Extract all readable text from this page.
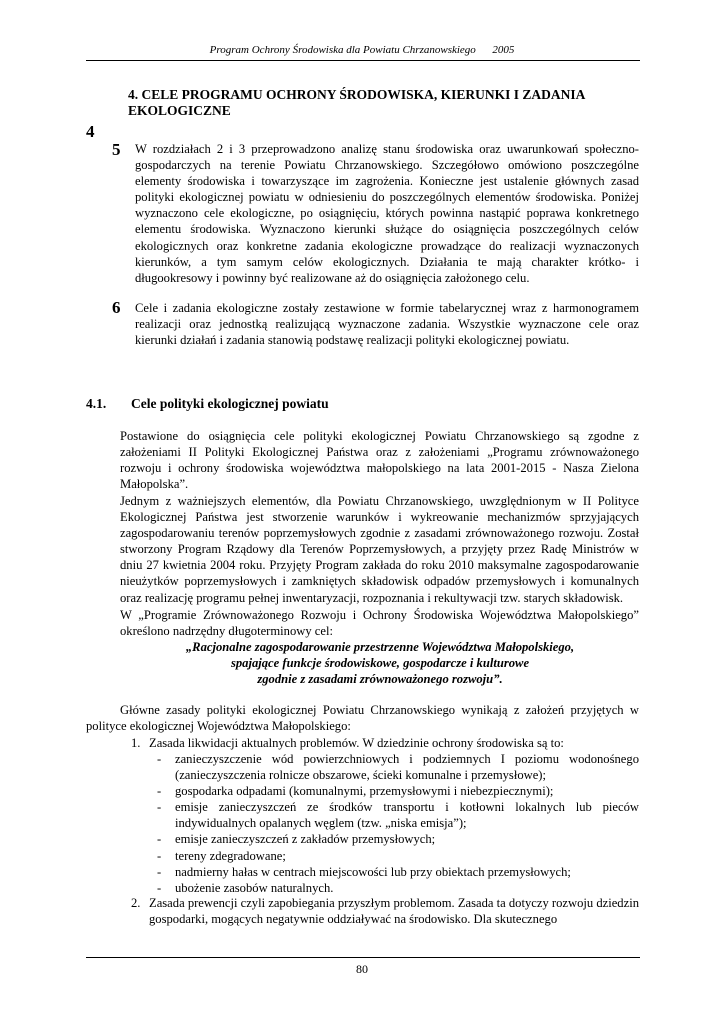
Program Ochrony Środowiska dla Powiatu Chrzanowskiego 2005
4. CELE PROGRAMU OCHRONY ŚRODOWISKA, KIERUNKI I ZADANIA EKOLOGICZNE
4
5 W rozdziałach 2 i 3 przeprowadzono analizę stanu środowiska oraz uwarunkowań społeczno-gospodarczych na terenie Powiatu Chrzanowskiego. Szczegółowo omówiono poszczególne elementy środowiska i towarzyszące im zagrożenia. Konieczne jest ustalenie głównych zasad polityki ekologicznej powiatu w odniesieniu do poszczególnych elementów środowiska. Poniżej wyznaczono cele ekologiczne, po osiągnięciu, których powinna nastąpić poprawa konkretnego elementu środowiska. Wyznaczono kierunki służące do osiągnięcia poszczególnych celów ekologicznych oraz konkretne zadania ekologiczne prowadzące do realizacji wyznaczonych kierunków, a tym samym celów ekologicznych. Działania te mają charakter krótko- i długookresowy i powinny być realizowane aż do osiągnięcia założonego celu.
6 Cele i zadania ekologiczne zostały zestawione w formie tabelarycznej wraz z harmonogramem realizacji oraz jednostką realizującą wyznaczone zadania. Wszystkie wyznaczone cele oraz kierunki działań i zadania stanowią podstawę realizacji polityki ekologicznej powiatu.
4.1. Cele polityki ekologicznej powiatu
Postawione do osiągnięcia cele polityki ekologicznej Powiatu Chrzanowskiego są zgodne z założeniami II Polityki Ekologicznej Państwa oraz z założeniami „Programu zrównoważonego rozwoju i ochrony środowiska województwa małopolskiego na lata 2001-2015 - Nasza Zielona Małopolska”.
Jednym z ważniejszych elementów, dla Powiatu Chrzanowskiego, uwzględnionym w II Polityce Ekologicznej Państwa jest stworzenie warunków i wykreowanie mechanizmów sprzyjających zagospodarowaniu terenów poprzemysłowych zgodnie z zasadami zrównoważonego rozwoju. Został stworzony Program Rządowy dla Terenów Poprzemysłowych, a przyjęty przez Radę Ministrów w dniu 27 kwietnia 2004 roku. Przyjęty Program zakłada do roku 2010 maksymalne zagospodarowanie nieużytków poprzemysłowych i zamkniętych składowisk odpadów przemysłowych i komunalnych oraz realizację programu pełnej inwentaryzacji, rozpoznania i rekultywacji tzw. starych składowisk.
W „Programie Zrównoważonego Rozwoju i Ochrony Środowiska Województwa Małopolskiego” określono nadrzędny długoterminowy cel:
„Racjonalne zagospodarowanie przestrzenne Województwa Małopolskiego,
spajające funkcje środowiskowe, gospodarcze i kulturowe
zgodnie z zasadami zrównoważonego rozwoju”.
Główne zasady polityki ekologicznej Powiatu Chrzanowskiego wynikają z założeń przyjętych w polityce ekologicznej Województwa Małopolskiego:
1. Zasada likwidacji aktualnych problemów. W dziedzinie ochrony środowiska są to:
- zanieczyszczenie wód powierzchniowych i podziemnych I poziomu wodonośnego (zanieczyszczenia rolnicze obszarowe, ścieki komunalne i przemysłowe);
- gospodarka odpadami (komunalnymi, przemysłowymi i niebezpiecznymi);
- emisje zanieczyszczeń ze środków transportu i kotłowni lokalnych lub pieców indywidualnych opalanych węglem (tzw. „niska emisja”);
- emisje zanieczyszczeń z zakładów przemysłowych;
- tereny zdegradowane;
- nadmierny hałas w centrach miejscowości lub przy obiektach przemysłowych;
- ubożenie zasobów naturalnych.
2. Zasada prewencji czyli zapobiegania przyszłym problemom. Zasada ta dotyczy rozwoju dziedzin gospodarki, mogących negatywnie oddziaływać na środowisko. Dla skutecznego
80
